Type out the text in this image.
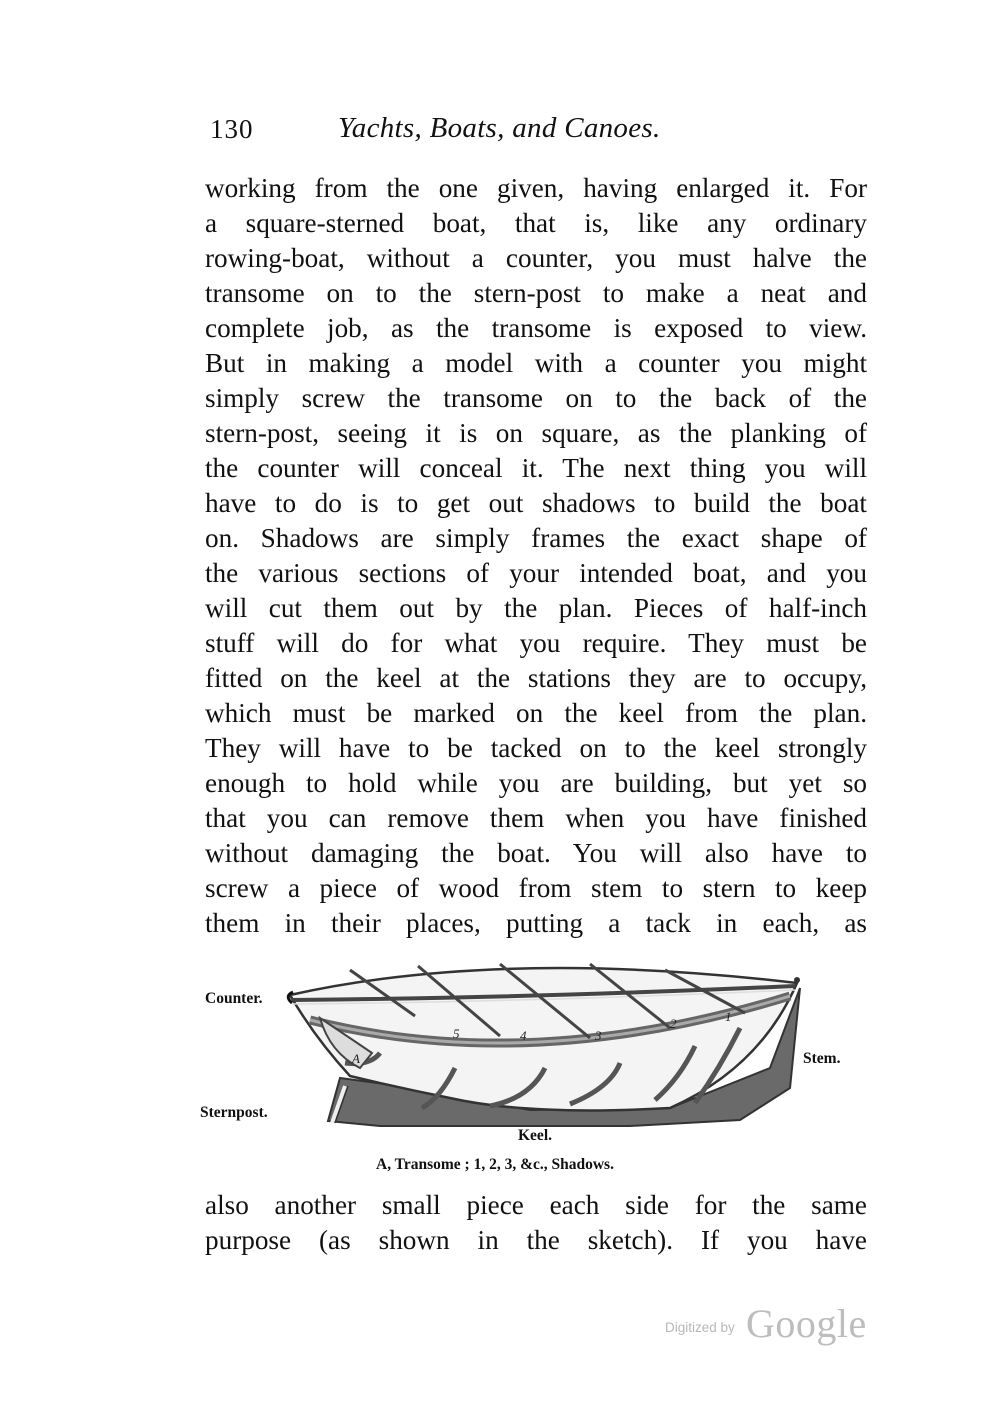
130	Yachts, Boats, and Canoes.
working from the one given, having enlarged it. For
a square-sterned boat, that is, like any ordinary
rowing-boat, without a counter, you must halve the
transome on to the stern-post to make a neat and
complete job, as the transome is exposed to view.
But in making a model with a counter you might
simply screw the transome on to the back of the
stern-post, seeing it is on square, as the planking of
the counter will conceal it. The next thing you will
have to do is to get out shadows to build the boat
on. Shadows are simply frames the exact shape of
the various sections of your intended boat, and you
will cut them out by the plan. Pieces of half-inch
stuff will do for what you require. They must be
fitted on the keel at the stations they are to occupy,
which must be marked on the keel from the plan.
They will have to be tacked on to the keel strongly
enough to hold while you are building, but yet so
that you can remove them when you have finished
without damaging the boat. You will also have to
screw a piece of wood from stem to stern to keep
them in their places, putting a tack in each, as
A
5	4	3
2	1
Counter.
Sternpost.
Stem.
Keel.
A, Transome ; 1, 2, 3, &c., Shadows.
also another small piece each side for the same
purpose (as shown in the sketch). If you have
Digitized by Google
